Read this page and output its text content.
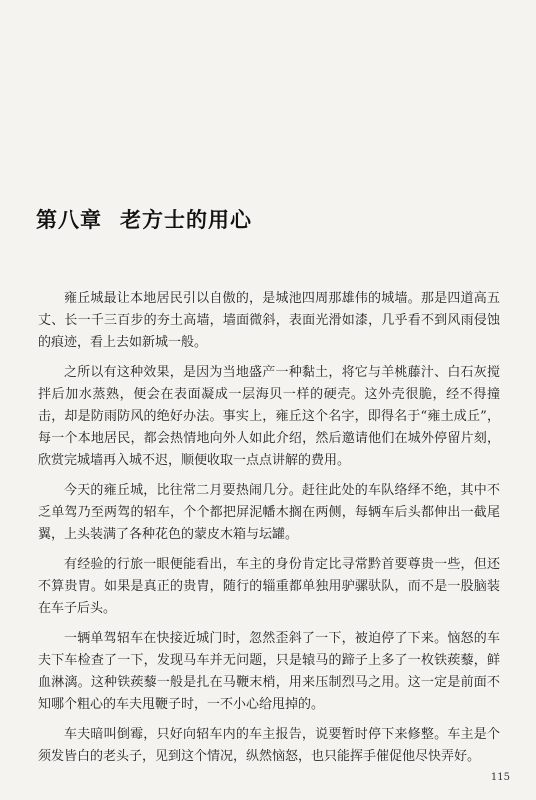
第八章 老方士的用心

雍丘城最让本地居民引以自傲的，是城池四周那雄伟的城墙。那是四道高五丈、长一千三百步的夯土高墙，墙面微斜，表面光滑如漆，几乎看不到风雨侵蚀的痕迹，看上去如新城一般。

之所以有这种效果，是因为当地盛产一种黏土，将它与羊桃藤汁、白石灰搅拌后加水蒸熟，便会在表面凝成一层海贝一样的硬壳。这外壳很脆，经不得撞击，却是防雨防风的绝好办法。事实上，雍丘这个名字，即得名于“雍土成丘”，每一个本地居民，都会热情地向外人如此介绍，然后邀请他们在城外停留片刻，欣赏完城墙再入城不迟，顺便收取一点点讲解的费用。

今天的雍丘城，比往常二月要热闹几分。赶往此处的车队络绎不绝，其中不乏单驾乃至两驾的轺车，个个都把屏泥幡木搁在两侧，每辆车后头都伸出一截尾翼，上头装满了各种花色的蒙皮木箱与坛罐。

有经验的行旅一眼便能看出，车主的身份肯定比寻常黔首要尊贵一些，但还不算贵胄。如果是真正的贵胄，随行的辎重都单独用驴骡驮队，而不是一股脑装在车子后头。

一辆单驾轺车在快接近城门时，忽然歪斜了一下，被迫停了下来。恼怒的车夫下车检查了一下，发现马车并无问题，只是辕马的蹄子上多了一枚铁蒺藜，鲜血淋漓。这种铁蒺藜一般是扎在马鞭末梢，用来压制烈马之用。这一定是前面不知哪个粗心的车夫甩鞭子时，一不小心给甩掉的。

车夫暗叫倒霉，只好向轺车内的车主报告，说要暂时停下来修整。车主是个须发皆白的老头子，见到这个情况，纵然恼怒，也只能挥手催促他尽快弄好。

115
